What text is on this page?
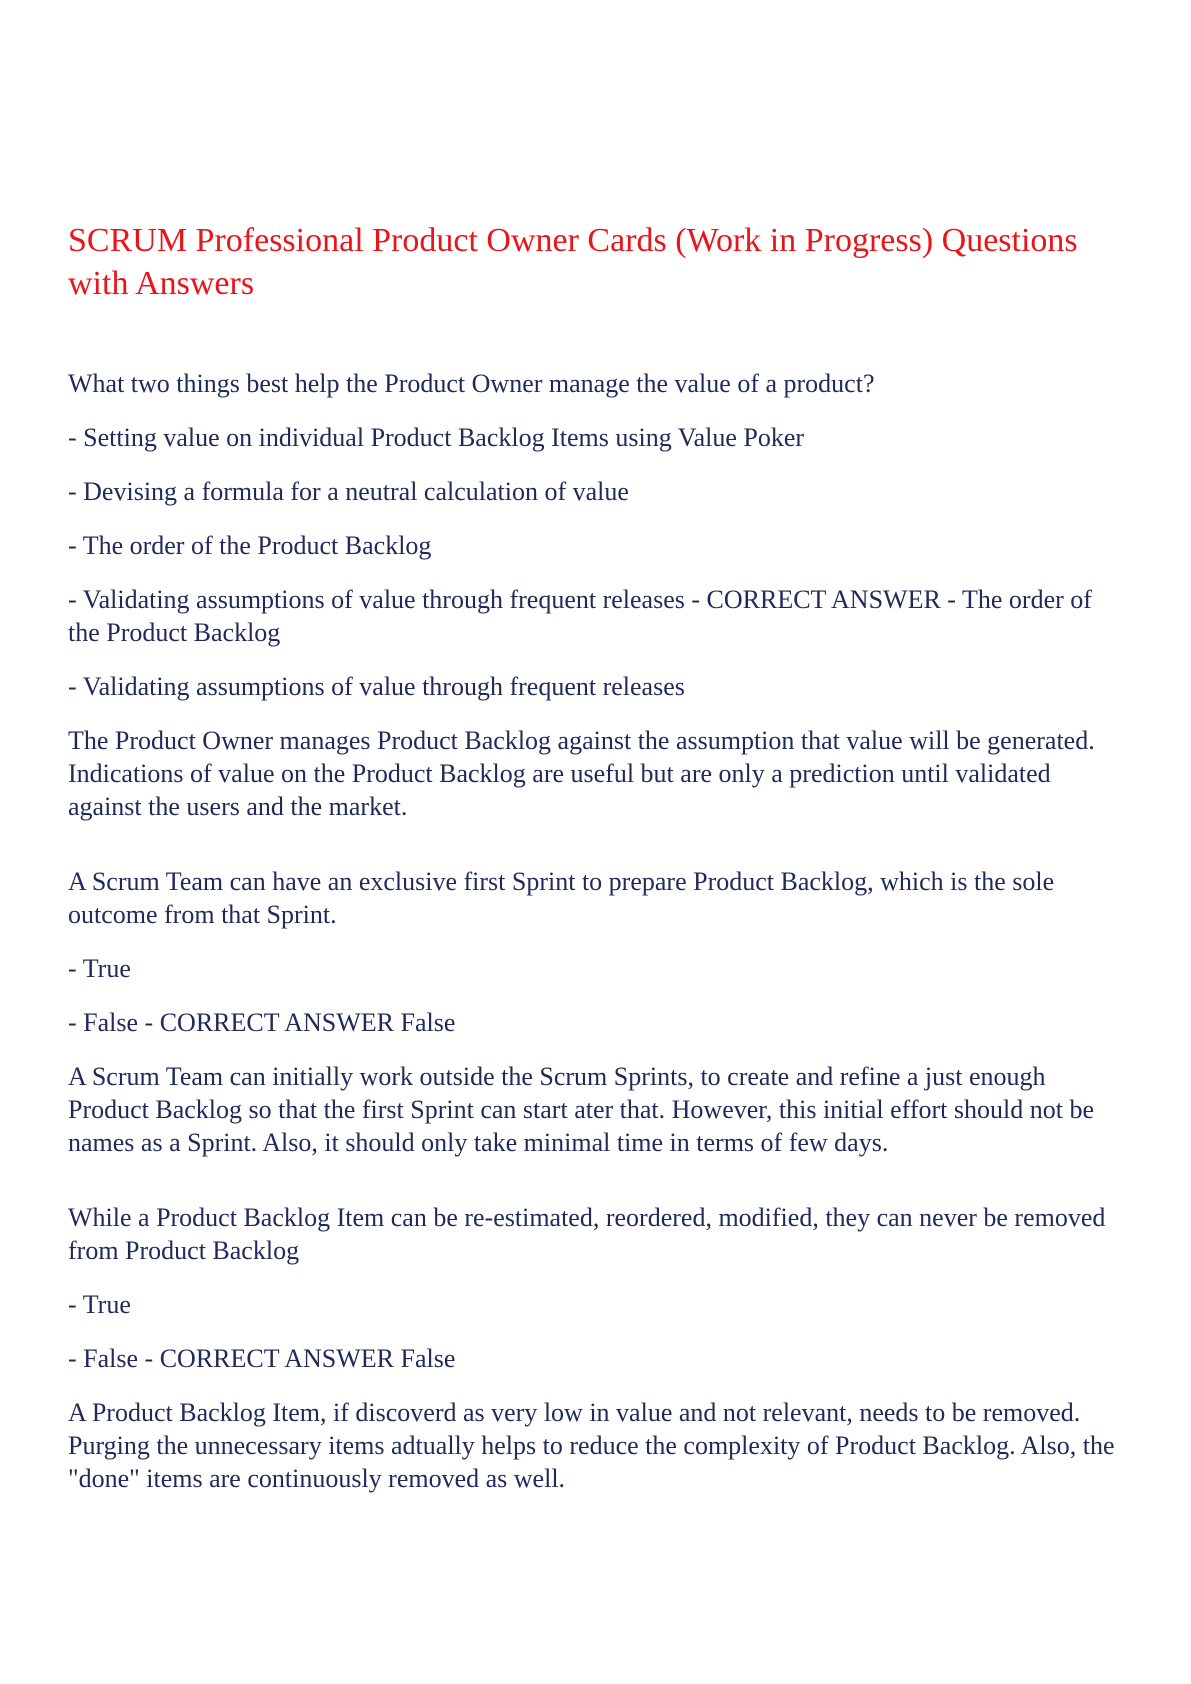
SCRUM Professional Product Owner Cards (Work in Progress) Questions with Answers

What two things best help the Product Owner manage the value of a product?

- Setting value on individual Product Backlog Items using Value Poker

- Devising a formula for a neutral calculation of value

- The order of the Product Backlog

- Validating assumptions of value through frequent releases - CORRECT ANSWER - The order of the Product Backlog

- Validating assumptions of value through frequent releases

The Product Owner manages Product Backlog against the assumption that value will be generated. Indications of value on the Product Backlog are useful but are only a prediction until validated against the users and the market.

A Scrum Team can have an exclusive first Sprint to prepare Product Backlog, which is the sole outcome from that Sprint.

- True

- False - CORRECT ANSWER False

A Scrum Team can initially work outside the Scrum Sprints, to create and refine a just enough Product Backlog so that the first Sprint can start ater that. However, this initial effort should not be names as a Sprint. Also, it should only take minimal time in terms of few days.

While a Product Backlog Item can be re-estimated, reordered, modified, they can never be removed from Product Backlog

- True

- False - CORRECT ANSWER False

A Product Backlog Item, if discoverd as very low in value and not relevant, needs to be removed. Purging the unnecessary items adtually helps to reduce the complexity of Product Backlog. Also, the "done" items are continuously removed as well.
